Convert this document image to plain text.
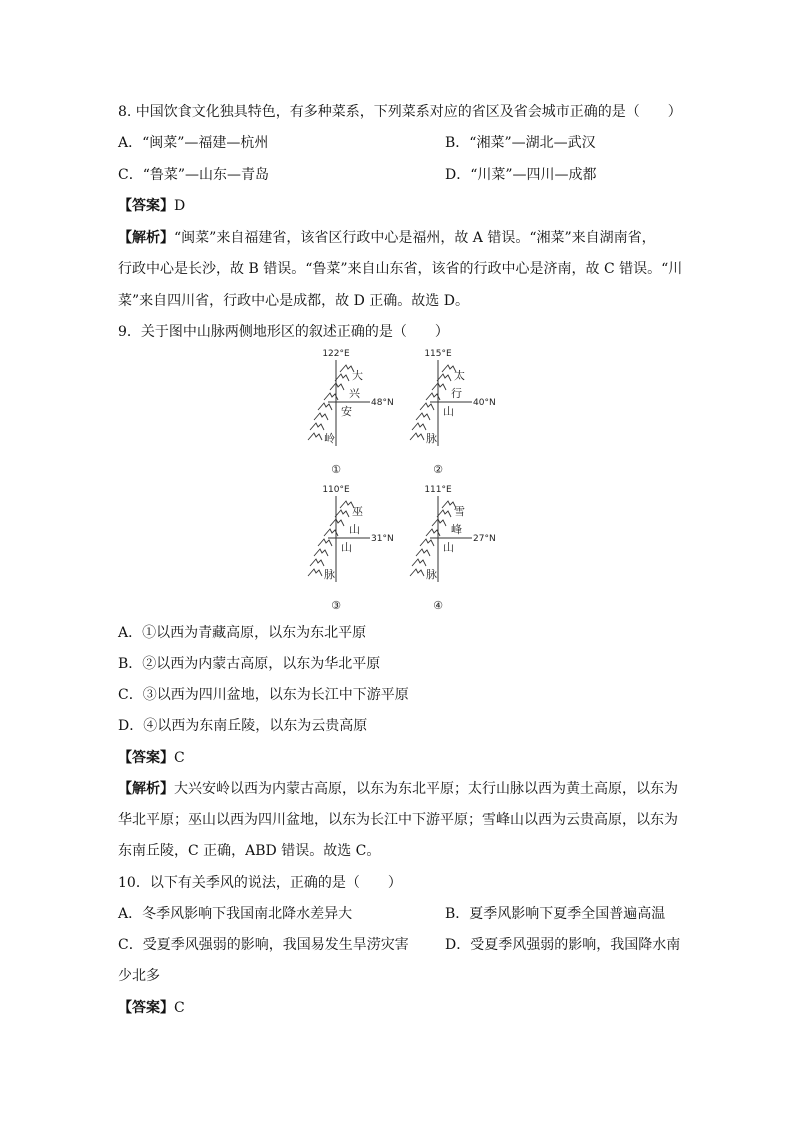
8. 中国饮食文化独具特色，有多种菜系，下列菜系对应的省区及省会城市正确的是（　　）
A．“闽菜”—福建—杭州	B．“湘菜”—湖北—武汉
C．“鲁菜”—山东—青岛	D．“川菜”—四川—成都
【答案】D
【解析】“闽菜”来自福建省，该省区行政中心是福州，故 A 错误。“湘菜”来自湖南省，
行政中心是长沙，故 B 错误。“鲁菜”来自山东省，该省的行政中心是济南，故 C 错误。“川
菜”来自四川省，行政中心是成都，故 D 正确。故选 D。
9．关于图中山脉两侧地形区的叙述正确的是（　　）
122°E
48°N
大
兴
安
岭
①
115°E
40°N
太
行
山
脉
②
110°E
31°N
巫
山
山
脉
③
111°E
27°N
雪
峰
山
脉
④
A．①以西为青藏高原，以东为东北平原
B．②以西为内蒙古高原，以东为华北平原
C．③以西为四川盆地，以东为长江中下游平原
D．④以西为东南丘陵，以东为云贵高原
【答案】C
【解析】大兴安岭以西为内蒙古高原，以东为东北平原；太行山脉以西为黄土高原，以东为
华北平原；巫山以西为四川盆地，以东为长江中下游平原；雪峰山以西为云贵高原，以东为
东南丘陵，C 正确，ABD 错误。故选 C。
10．以下有关季风的说法，正确的是（　　）
A．冬季风影响下我国南北降水差异大	B．夏季风影响下夏季全国普遍高温
C．受夏季风强弱的影响，我国易发生旱涝灾害	D．受夏季风强弱的影响，我国降水南
少北多
【答案】C
